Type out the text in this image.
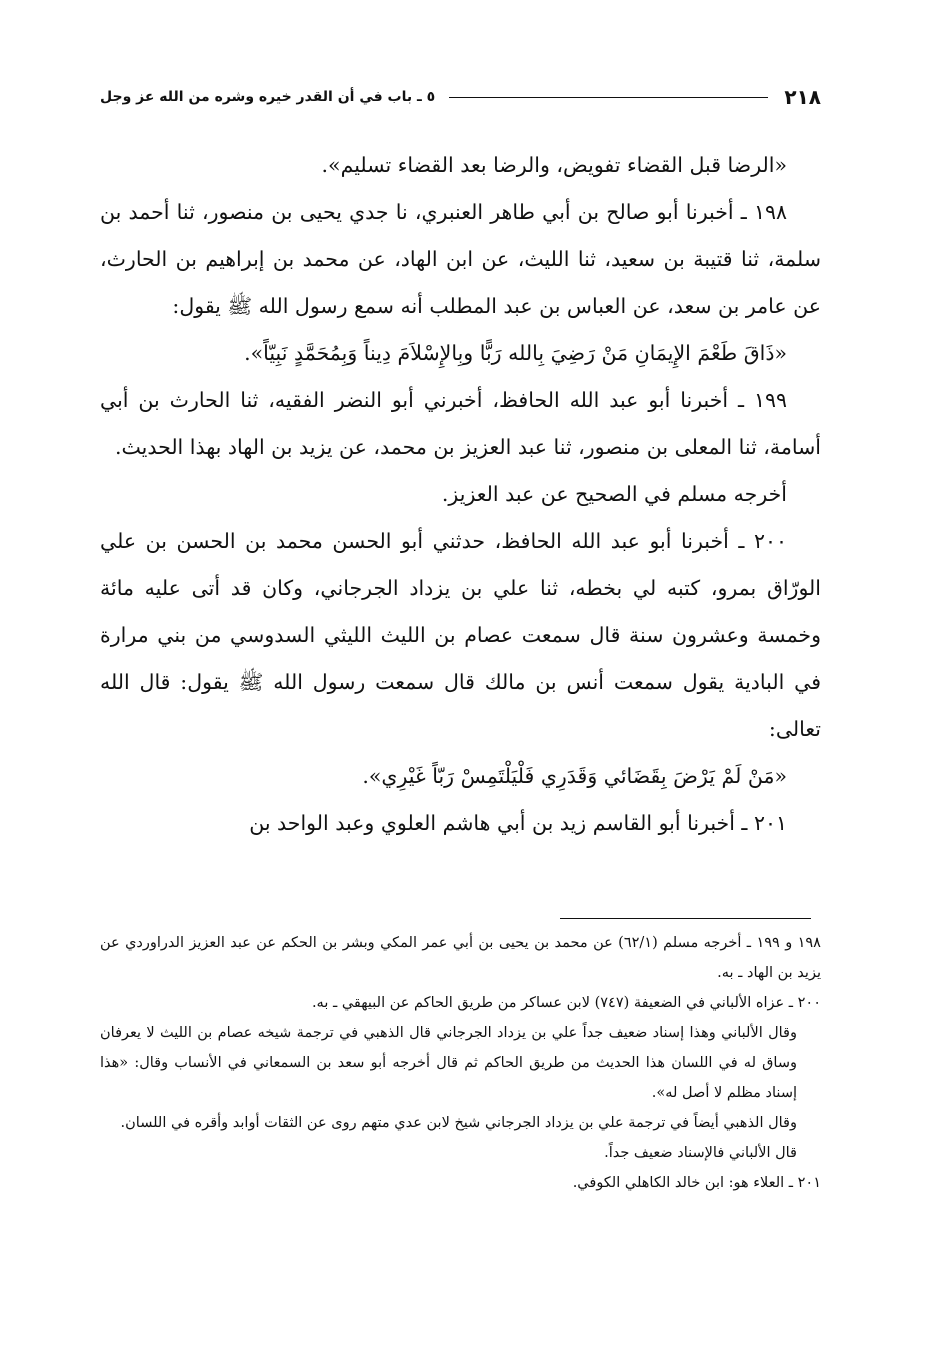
٢١٨
٥ ـ باب في أن القدر خيره وشره من الله عز وجل

«الرضا قبل القضاء تفويض، والرضا بعد القضاء تسليم».

١٩٨ ـ أخبرنا أبو صالح بن أبي طاهر العنبري، نا جدي يحيى بن منصور، ثنا أحمد بن سلمة، ثنا قتيبة بن سعيد، ثنا الليث، عن ابن الهاد، عن محمد بن إبراهيم بن الحارث، عن عامر بن سعد، عن العباس بن عبد المطلب أنه سمع رسول الله ﷺ يقول:

«ذَاقَ طَعْمَ الإِيمَانِ مَنْ رَضِيَ بِالله رَبًّا وبِالإِسْلاَمَ دِيناً وَبِمُحَمَّدٍ نَبِيّاً».

١٩٩ ـ أخبرنا أبو عبد الله الحافظ، أخبرني أبو النضر الفقيه، ثنا الحارث بن أبي أسامة، ثنا المعلى بن منصور، ثنا عبد العزيز بن محمد، عن يزيد بن الهاد بهذا الحديث.

أخرجه مسلم في الصحيح عن عبد العزيز.

٢٠٠ ـ أخبرنا أبو عبد الله الحافظ، حدثني أبو الحسن محمد بن الحسن بن علي الورّاق بمرو، كتبه لي بخطه، ثنا علي بن يزداد الجرجاني، وكان قد أتى عليه مائة وخمسة وعشرون سنة قال سمعت عصام بن الليث الليثي السدوسي من بني مرارة في البادية يقول سمعت أنس بن مالك قال سمعت رسول الله ﷺ يقول: قال الله تعالى:

«مَنْ لَمْ يَرْضَ بِقَضَائي وَقَدَرِي فَلْيَلْتَمِسْ رَبّاً غَيْرِي».

٢٠١ ـ أخبرنا أبو القاسم زيد بن أبي هاشم العلوي وعبد الواحد بن

١٩٨ و ١٩٩ ـ أخرجه مسلم (٦٢/١) عن محمد بن يحيى بن أبي عمر المكي وبشر بن الحكم عن عبد العزيز الدراوردي عن يزيد بن الهاد ـ به.

٢٠٠ ـ عزاه الألباني في الضعيفة (٧٤٧) لابن عساكر من طريق الحاكم عن البيهقي ـ به.

وقال الألباني وهذا إسناد ضعيف جداً علي بن يزداد الجرجاني قال الذهبي في ترجمة شيخه عصام بن الليث لا يعرفان وساق له في اللسان هذا الحديث من طريق الحاكم ثم قال أخرجه أبو سعد بن السمعاني في الأنساب وقال: «هذا إسناد مظلم لا أصل له».

وقال الذهبي أيضاً في ترجمة علي بن يزداد الجرجاني شيخ لابن عدي متهم روى عن الثقات أوابد وأقره في اللسان.

قال الألباني فالإسناد ضعيف جداً.

٢٠١ ـ العلاء هو: ابن خالد الكاهلي الكوفي.
